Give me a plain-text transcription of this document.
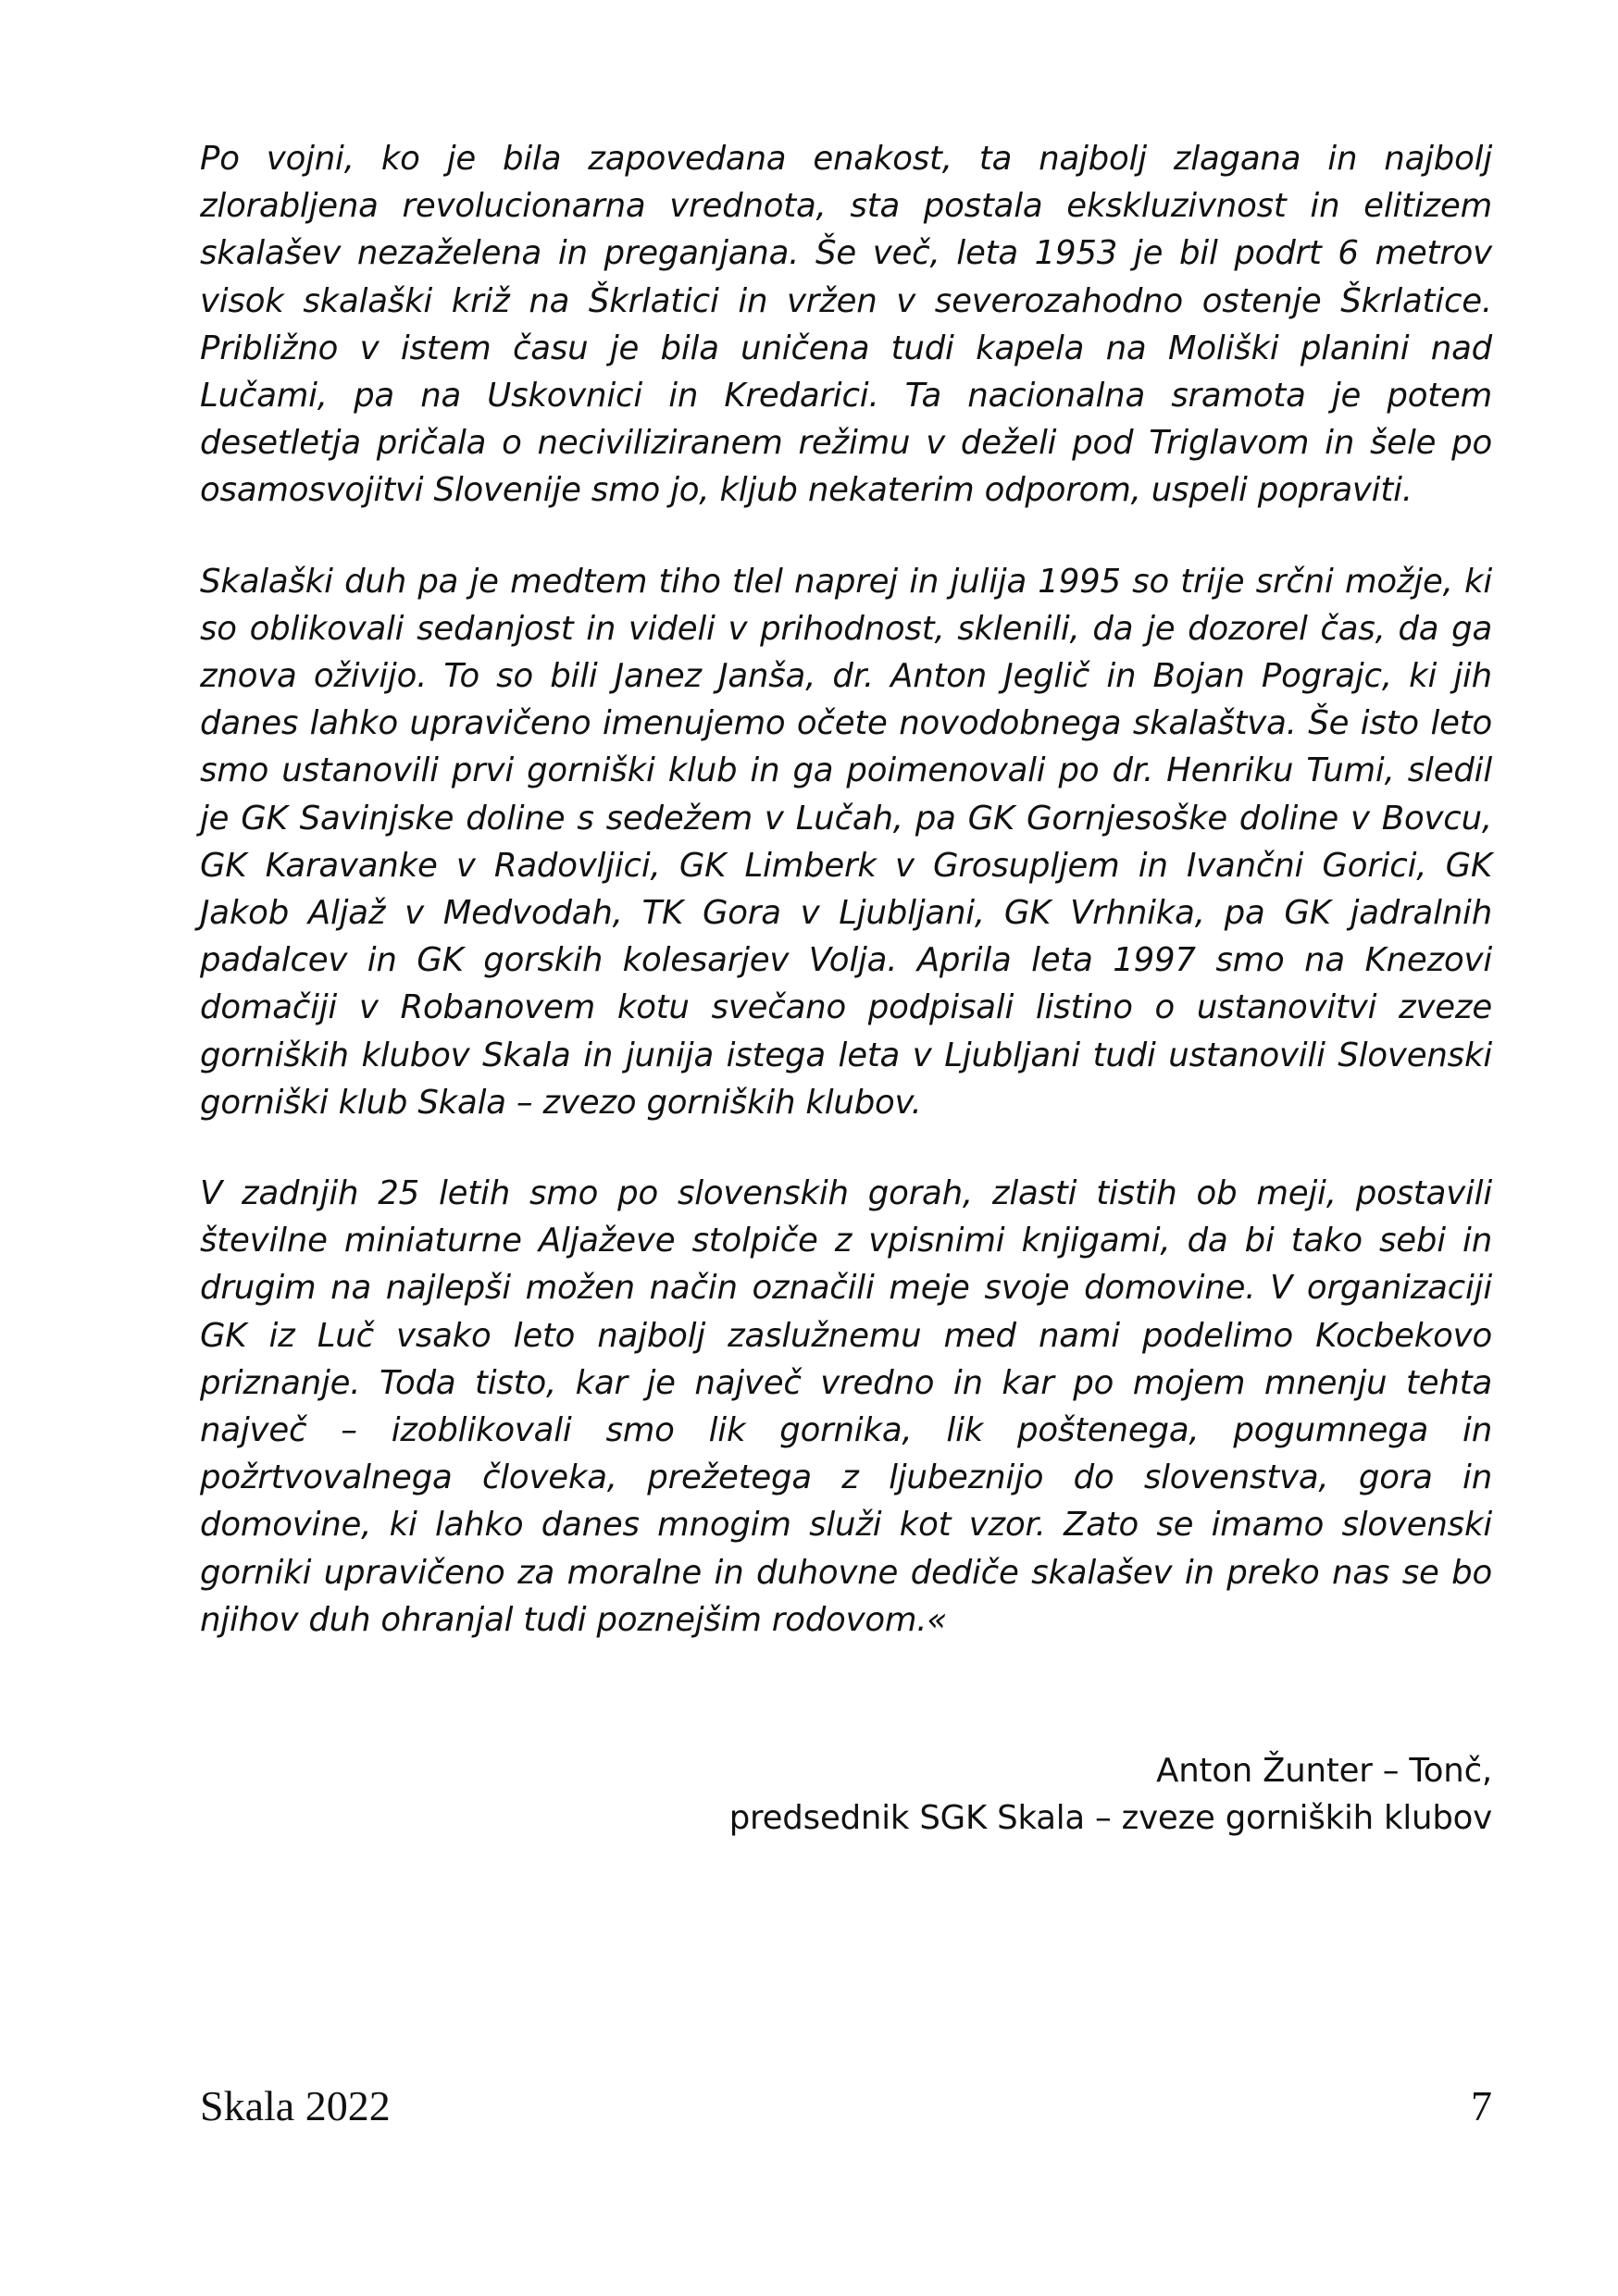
Po vojni, ko je bila zapovedana enakost, ta najbolj zlagana in najbolj zlorabljena revolucionarna vrednota, sta postala ekskluzivnost in elitizem skalašev nezaželena in preganjana. Še več, leta 1953 je bil podrt 6 metrov visok skalaški križ na Škrlatici in vržen v severozahodno ostenje Škrlatice. Približno v istem času je bila uničena tudi kapela na Moliški planini nad Lučami, pa na Uskovnici in Kredarici. Ta nacionalna sramota je potem desetletja pričala o neciviliziranem režimu v deželi pod Triglavom in šele po osamosvojitvi Slovenije smo jo, kljub nekaterim odporom, uspeli popraviti.

Skalaški duh pa je medtem tiho tlel naprej in julija 1995 so trije srčni možje, ki so oblikovali sedanjost in videli v prihodnost, sklenili, da je dozorel čas, da ga znova oživijo. To so bili Janez Janša, dr. Anton Jeglič in Bojan Pograjc, ki jih danes lahko upravičeno imenujemo očete novodobnega skalaštva. Še isto leto smo ustanovili prvi gorniški klub in ga poimenovali po dr. Henriku Tumi, sledil je GK Savinjske doline s sedežem v Lučah, pa GK Gornjesoške doline v Bovcu, GK Karavanke v Radovljici, GK Limberk v Grosupljem in Ivančni Gorici, GK Jakob Aljaž v Medvodah, TK Gora v Ljubljani, GK Vrhnika, pa GK jadralnih padalcev in GK gorskih kolesarjev Volja. Aprila leta 1997 smo na Knezovi domačiji v Robanovem kotu svečano podpisali listino o ustanovitvi zveze gorniških klubov Skala in junija istega leta v Ljubljani tudi ustanovili Slovenski gorniški klub Skala – zvezo gorniških klubov.

V zadnjih 25 letih smo po slovenskih gorah, zlasti tistih ob meji, postavili številne miniaturne Aljaževe stolpiče z vpisnimi knjigami, da bi tako sebi in drugim na najlepši možen način označili meje svoje domovine. V organizaciji GK iz Luč vsako leto najbolj zaslužnemu med nami podelimo Kocbekovo priznanje. Toda tisto, kar je največ vredno in kar po mojem mnenju tehta največ – izoblikovali smo lik gornika, lik poštenega, pogumnega in požrtvovalnega človeka, prežetega z ljubeznijo do slovenstva, gora in domovine, ki lahko danes mnogim služi kot vzor. Zato se imamo slovenski gorniki upravičeno za moralne in duhovne dediče skalašev in preko nas se bo njihov duh ohranjal tudi poznejšim rodovom.«

Anton Žunter – Tonč,
predsednik SGK Skala – zveze gorniških klubov
Skala 2022	7
